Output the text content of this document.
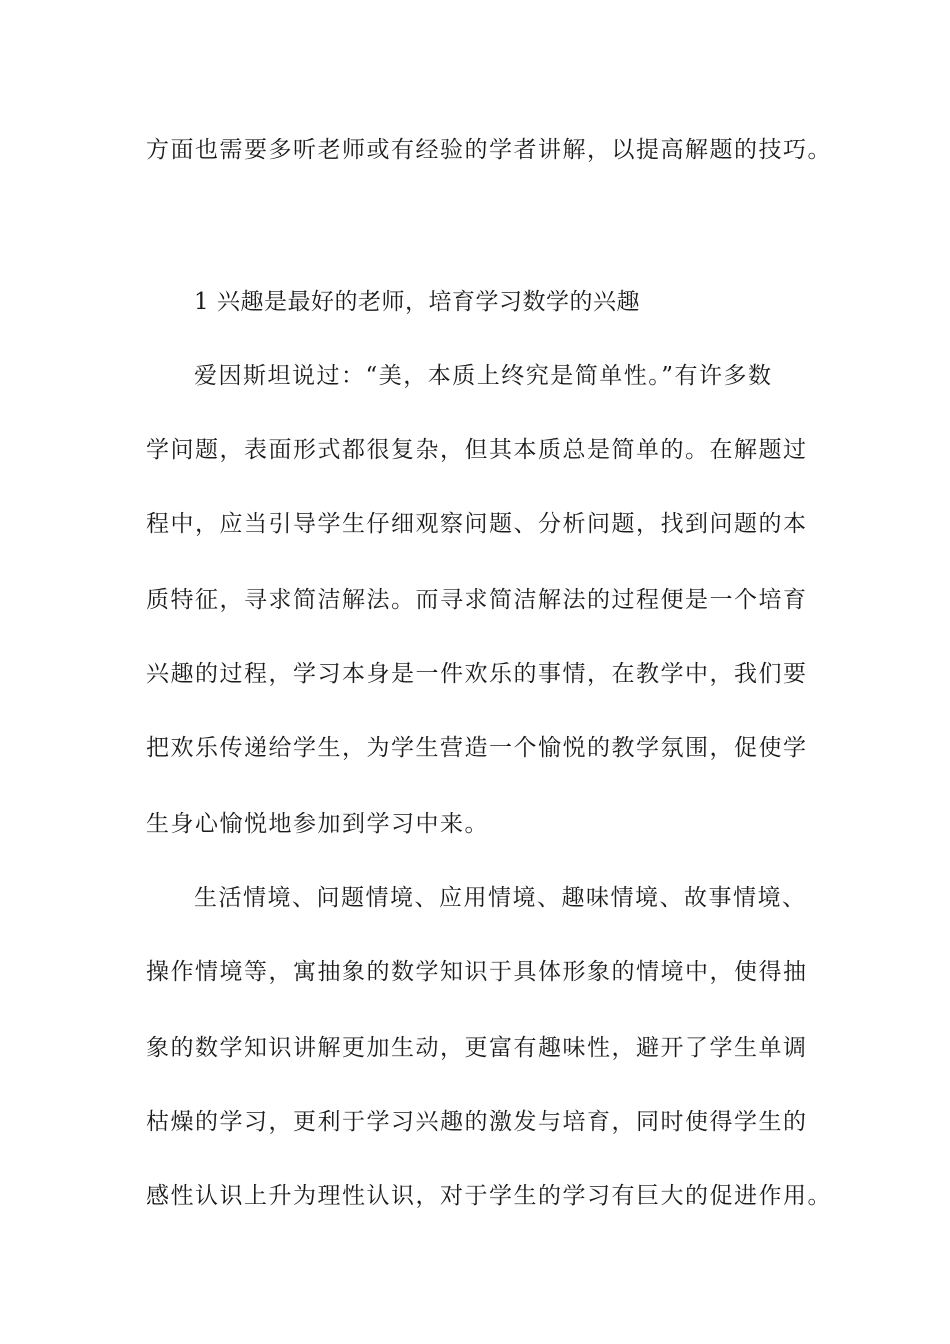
方面也需要多听老师或有经验的学者讲解，以提高解题的技巧。
1 兴趣是最好的老师，培育学习数学的兴趣
爱因斯坦说过：“美，本质上终究是简单性。”有许多数
学问题，表面形式都很复杂，但其本质总是简单的。在解题过
程中，应当引导学生仔细观察问题、分析问题，找到问题的本
质特征，寻求简洁解法。而寻求简洁解法的过程便是一个培育
兴趣的过程，学习本身是一件欢乐的事情，在教学中，我们要
把欢乐传递给学生，为学生营造一个愉悦的教学氛围，促使学
生身心愉悦地参加到学习中来。
生活情境、问题情境、应用情境、趣味情境、故事情境、
操作情境等，寓抽象的数学知识于具体形象的情境中，使得抽
象的数学知识讲解更加生动，更富有趣味性，避开了学生单调
枯燥的学习，更利于学习兴趣的激发与培育，同时使得学生的
感性认识上升为理性认识，对于学生的学习有巨大的促进作用。
